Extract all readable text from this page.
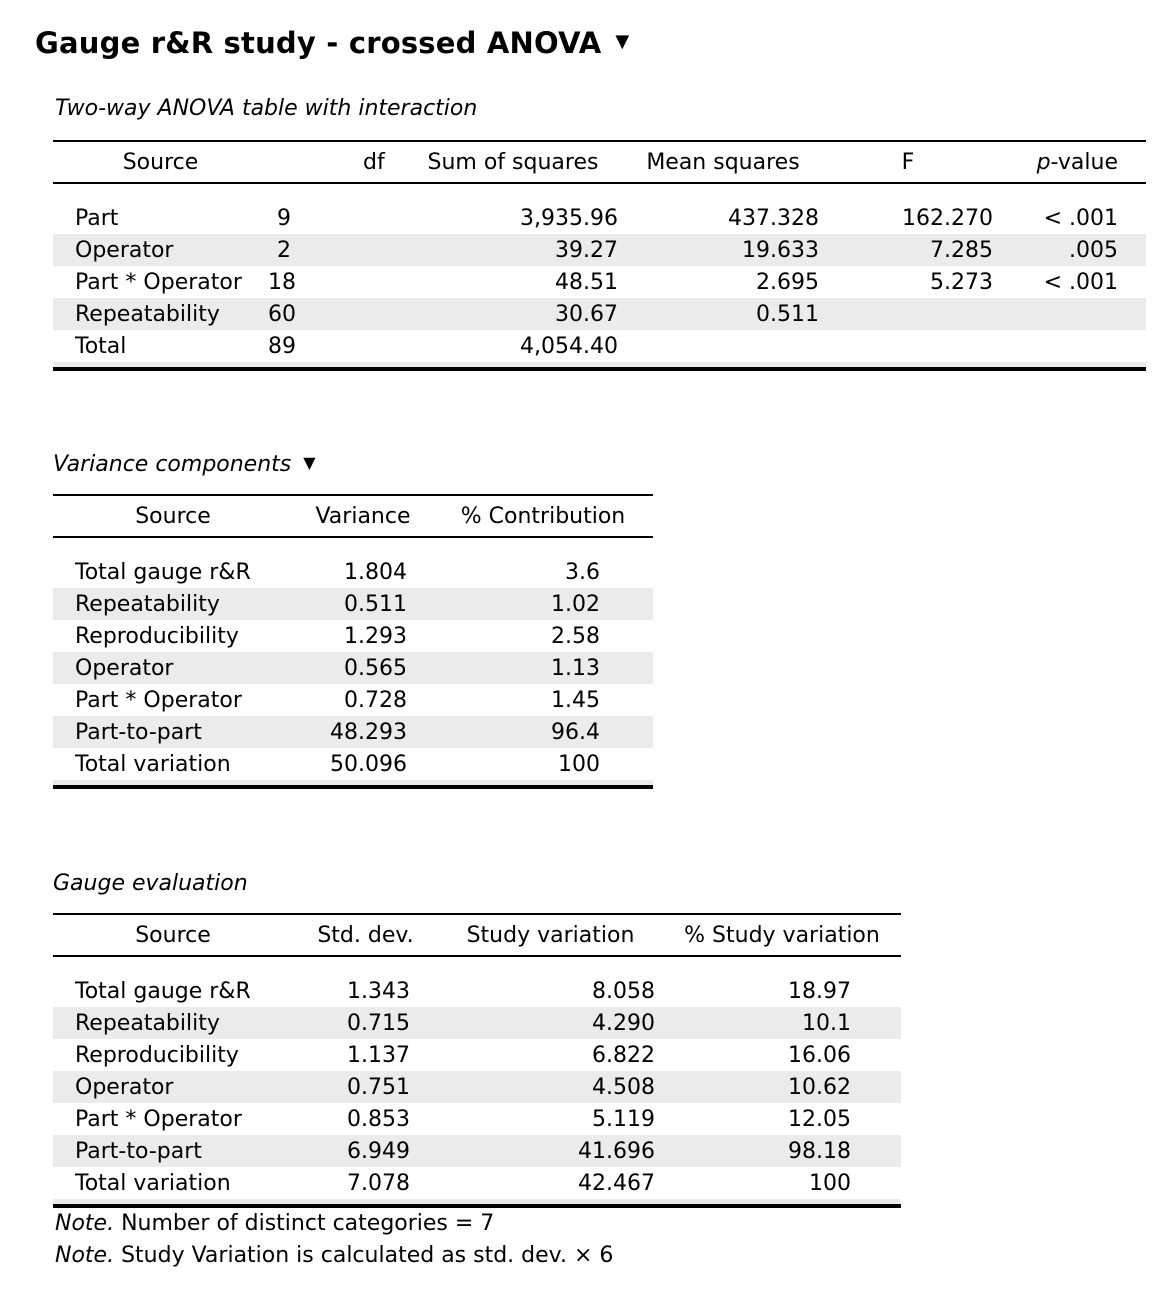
Gauge r&R study - crossed ANOVA ▼
Two-way ANOVA table with interaction
Source	df	Sum of squares	Mean squares	F	p-value

Part	9	3,935.96	437.328	162.270	< .001
Operator	2	39.27	19.633	7.285	.005
Part * Operator	18	48.51	2.695	5.273	< .001
Repeatability	60	30.67	0.511		
Total	89	4,054.40			

Variance components ▼
Source	Variance	% Contribution

Total gauge r&R	1.804	3.6
Repeatability	0.511	1.02
Reproducibility	1.293	2.58
Operator	0.565	1.13
Part * Operator	0.728	1.45
Part-to-part	48.293	96.4
Total variation	50.096	100

Gauge evaluation
Source	Std. dev.	Study variation	% Study variation

Total gauge r&R	1.343	8.058	18.97
Repeatability	0.715	4.290	10.1
Reproducibility	1.137	6.822	16.06
Operator	0.751	4.508	10.62
Part * Operator	0.853	5.119	12.05
Part-to-part	6.949	41.696	98.18
Total variation	7.078	42.467	100

Note. Number of distinct categories = 7
Note. Study Variation is calculated as std. dev. × 6
